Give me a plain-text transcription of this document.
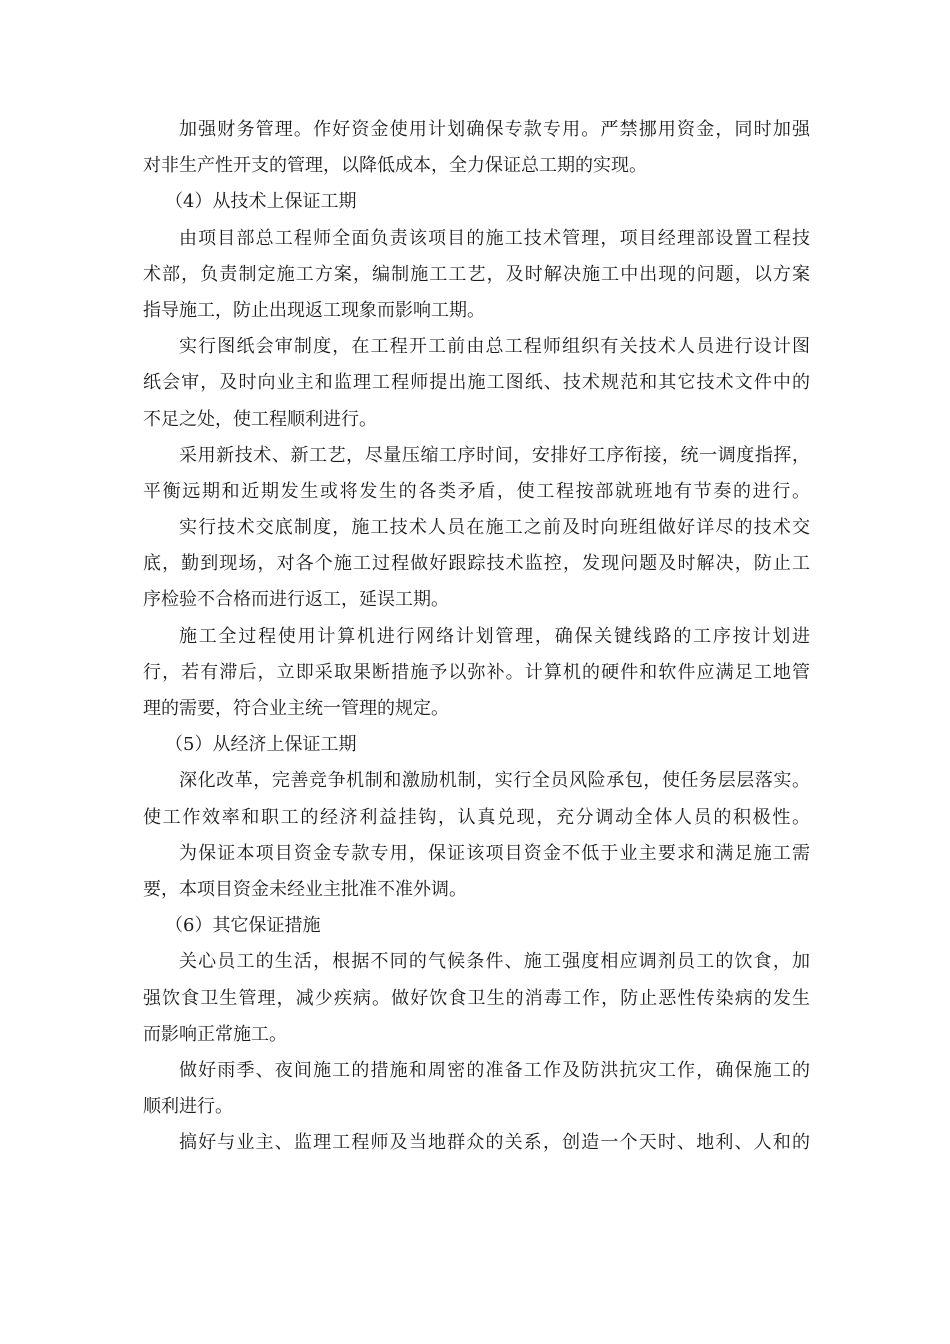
加强财务管理。作好资金使用计划确保专款专用。严禁挪用资金，同时加强
对非生产性开支的管理，以降低成本，全力保证总工期的实现。
（4）从技术上保证工期
由项目部总工程师全面负责该项目的施工技术管理，项目经理部设置工程技
术部，负责制定施工方案，编制施工工艺，及时解决施工中出现的问题，以方案
指导施工，防止出现返工现象而影响工期。
实行图纸会审制度，在工程开工前由总工程师组织有关技术人员进行设计图
纸会审，及时向业主和监理工程师提出施工图纸、技术规范和其它技术文件中的
不足之处，使工程顺利进行。
采用新技术、新工艺，尽量压缩工序时间，安排好工序衔接，统一调度指挥，
平衡远期和近期发生或将发生的各类矛盾，使工程按部就班地有节奏的进行。
实行技术交底制度，施工技术人员在施工之前及时向班组做好详尽的技术交
底，勤到现场，对各个施工过程做好跟踪技术监控，发现问题及时解决，防止工
序检验不合格而进行返工，延误工期。
施工全过程使用计算机进行网络计划管理，确保关键线路的工序按计划进
行，若有滞后，立即采取果断措施予以弥补。计算机的硬件和软件应满足工地管
理的需要，符合业主统一管理的规定。
（5）从经济上保证工期
深化改革，完善竞争机制和激励机制，实行全员风险承包，使任务层层落实。
使工作效率和职工的经济利益挂钩，认真兑现，充分调动全体人员的积极性。
为保证本项目资金专款专用，保证该项目资金不低于业主要求和满足施工需
要，本项目资金未经业主批准不准外调。
（6）其它保证措施
关心员工的生活，根据不同的气候条件、施工强度相应调剂员工的饮食，加
强饮食卫生管理，减少疾病。做好饮食卫生的消毒工作，防止恶性传染病的发生
而影响正常施工。
做好雨季、夜间施工的措施和周密的准备工作及防洪抗灾工作，确保施工的
顺利进行。
搞好与业主、监理工程师及当地群众的关系，创造一个天时、地利、人和的
